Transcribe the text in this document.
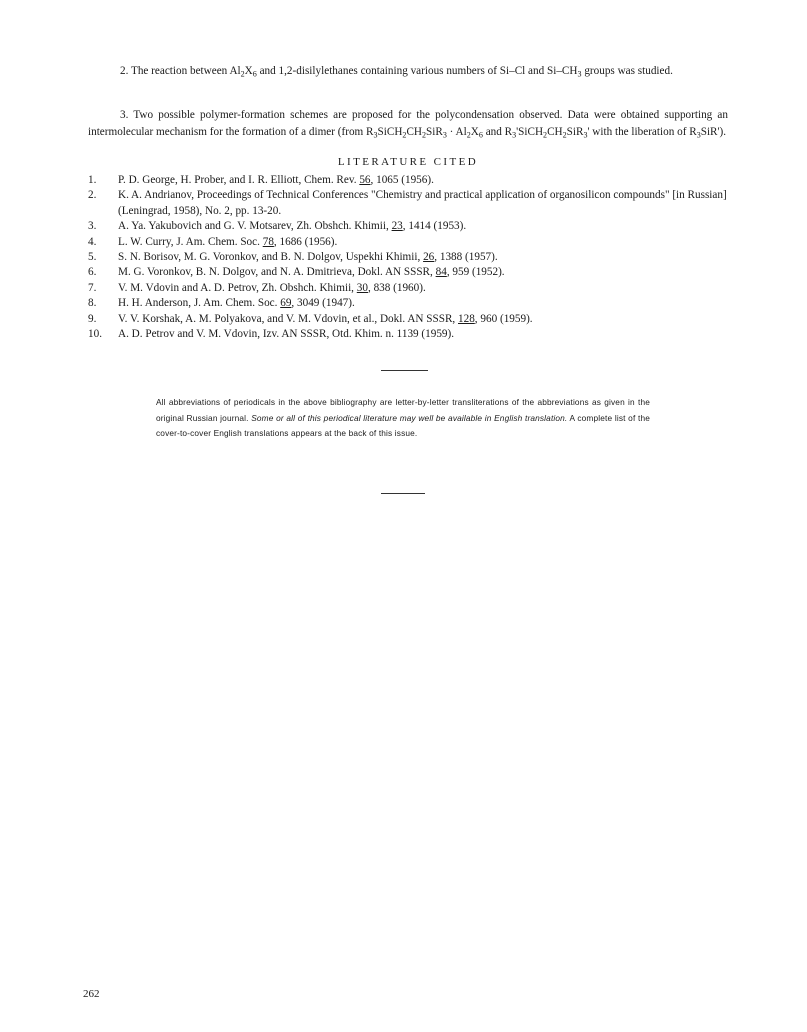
2. The reaction between $Al_2X_6$ and 1,2-disilylethanes containing various numbers of Si–Cl and $Si-CH_3$ groups was studied.

3. Two possible polymer-formation schemes are proposed for the polycondensation observed. Data were obtained supporting an intermolecular mechanism for the formation of a dimer (from $R_3SiCH_2CH_2SiR_3 \cdot Al_2X_6$ and $R_3'SiCH_2CH_2SiR_3'$ with the liberation of $R_3SiR'$).

LITERATURE CITED
1. P. D. George, H. Prober, and I. R. Elliott, Chem. Rev. 56, 1065 (1956).
2. K. A. Andrianov, Proceedings of Technical Conferences "Chemistry and practical application of organosilicon compounds" [in Russian] (Leningrad, 1958), No. 2, pp. 13-20.
3. A. Ya. Yakubovich and G. V. Motsarev, Zh. Obshch. Khimii, 23, 1414 (1953).
4. L. W. Curry, J. Am. Chem. Soc. 78, 1686 (1956).
5. S. N. Borisov, M. G. Voronkov, and B. N. Dolgov, Uspekhi Khimii, 26, 1388 (1957).
6. M. G. Voronkov, B. N. Dolgov, and N. A. Dmitrieva, Dokl. AN SSSR, 84, 959 (1952).
7. V. M. Vdovin and A. D. Petrov, Zh. Obshch. Khimii, 30, 838 (1960).
8. H. H. Anderson, J. Am. Chem. Soc. 69, 3049 (1947).
9. V. V. Korshak, A. M. Polyakova, and V. M. Vdovin, et al., Dokl. AN SSSR, 128, 960 (1959).
10. A. D. Petrov and V. M. Vdovin, Izv. AN SSSR, Otd. Khim. n. 1139 (1959).

All abbreviations of periodicals in the above bibliography are letter-by-letter transliterations of the abbreviations as given in the original Russian journal. Some or all of this periodical literature may well be available in English translation. A complete list of the cover-to-cover English translations appears at the back of this issue.

262
